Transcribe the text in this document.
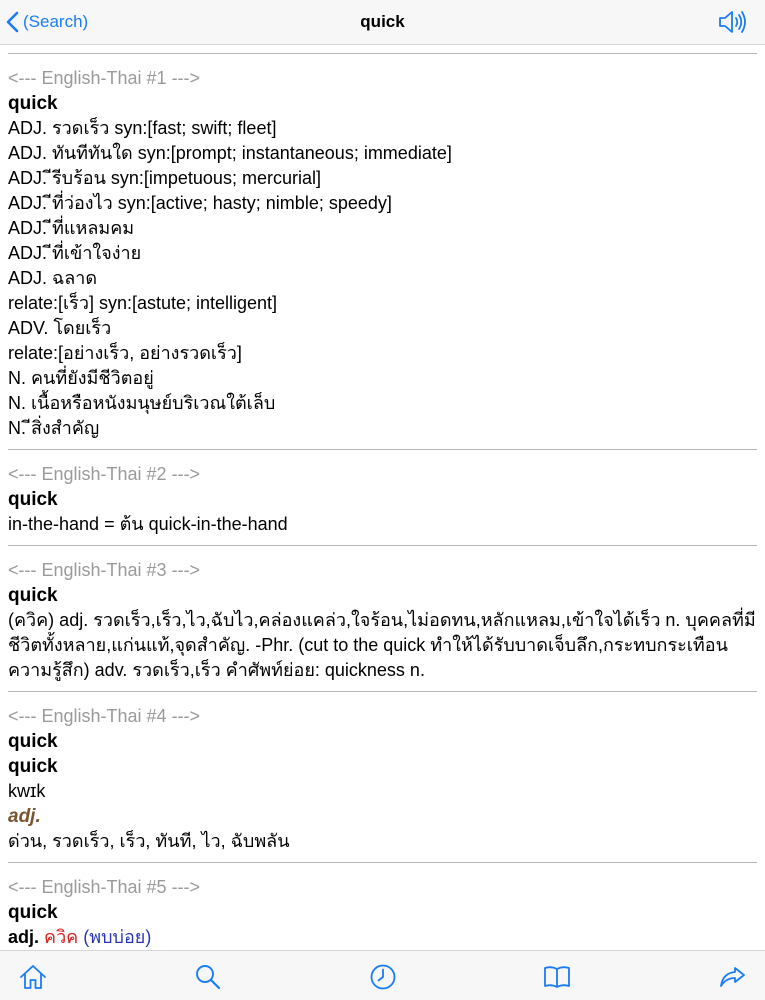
(Search)	quick
<--- English-Thai #1 --->
quick
ADJ. รวดเร็ว syn:[fast; swift; fleet]
ADJ. ทันทีทันใด syn:[prompt; instantaneous; immediate]
ADJ. ีรีบร้อน syn:[impetuous; mercurial]
ADJ. ีที่ว่องไว syn:[active; hasty; nimble; speedy]
ADJ. ีที่แหลมคม
ADJ. ีที่เข้าใจง่าย
ADJ. ฉลาด
relate:[เร็ว] syn:[astute; intelligent]
ADV. โดยเร็ว
relate:[อย่างเร็ว, อย่างรวดเร็ว]
N. คนที่ยังมีชีวิตอยู่
N. เนื้อหรือหนังมนุษย์บริเวณใต้เล็บ
N. ีสิ่งสำคัญ
<--- English-Thai #2 --->
quick
in-the-hand = ต้น quick-in-the-hand
<--- English-Thai #3 --->
quick
(ควิค) adj. รวดเร็ว,เร็ว,ไว,ฉับไว,คล่องแคล่ว,ใจร้อน,ไม่อดทน,หลักแหลม,เข้าใจได้เร็ว n. บุคคลที่มีชีวิตทั้งหลาย,แก่นแท้,จุดสำคัญ. -Phr. (cut to the quick ทำให้ได้รับบาดเจ็บลึก,กระทบกระเทือนความรู้สึก) adv. รวดเร็ว,เร็ว คำศัพท์ย่อย: quickness n.
<--- English-Thai #4 --->
quick
quick
kwɪk
adj.
ด่วน, รวดเร็ว, เร็ว, ทันที, ไว, ฉับพลัน
<--- English-Thai #5 --->
quick
adj. ควิค (พบบ่อย)
